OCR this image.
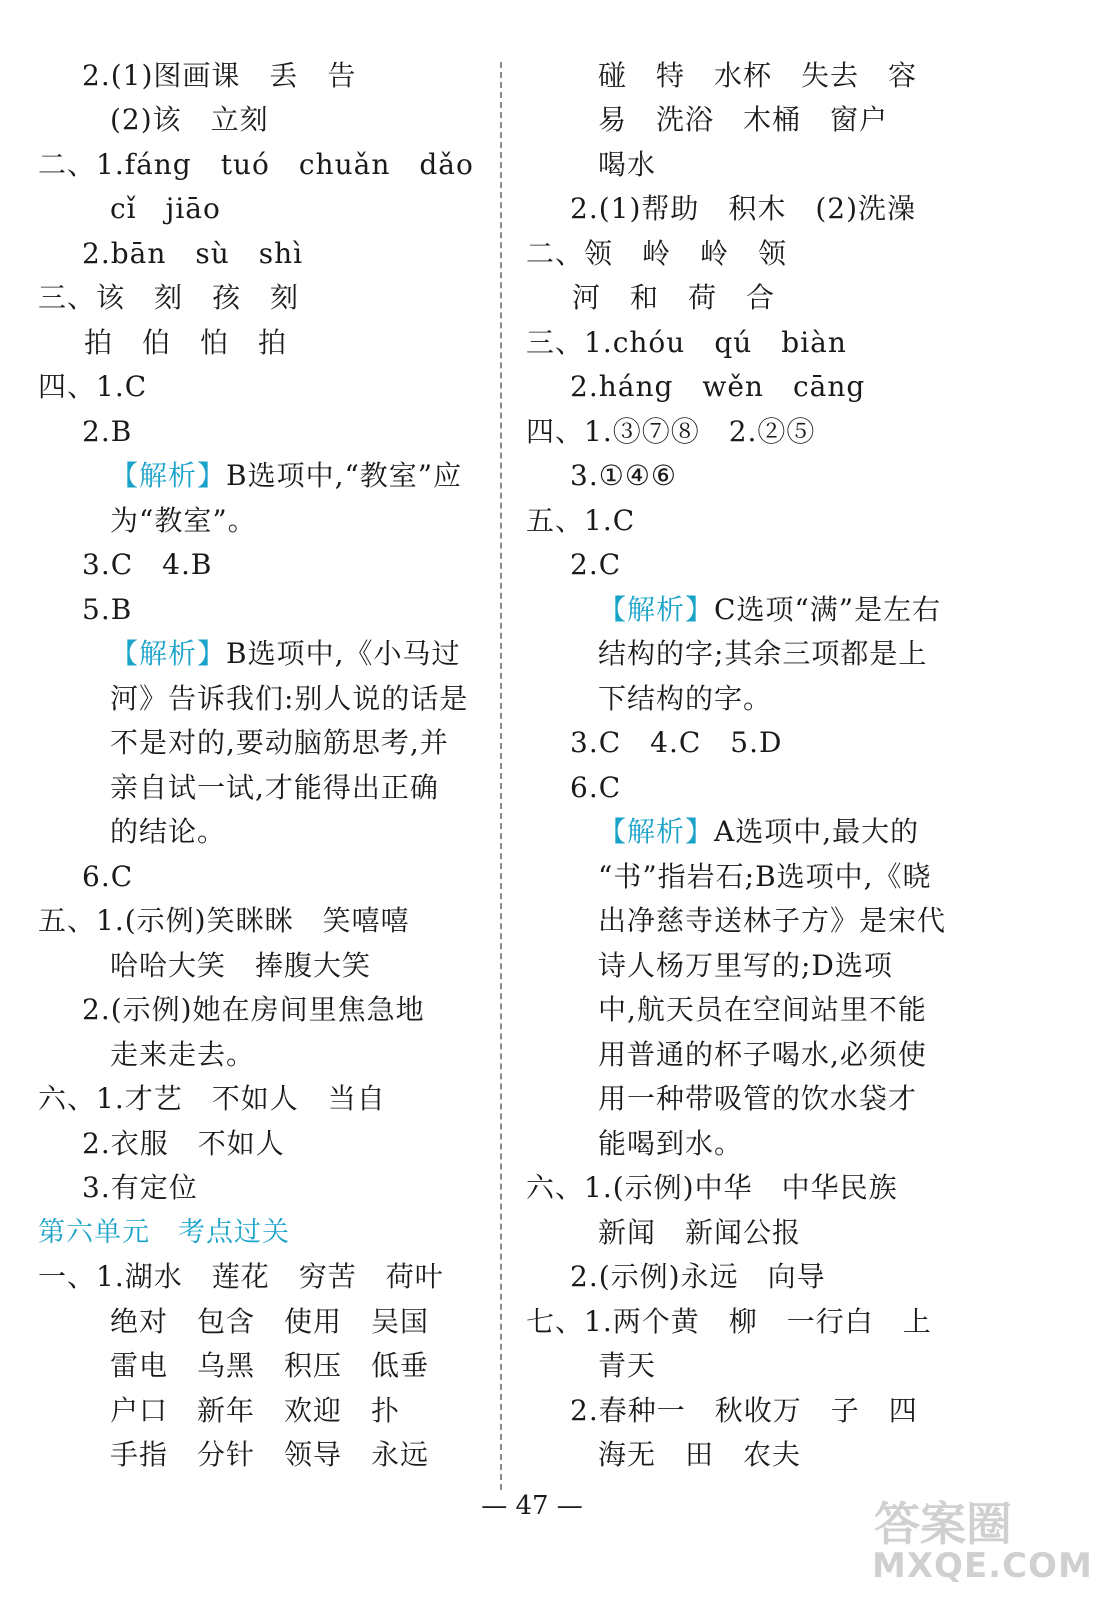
2.(1)图画课　丢　告
(2)该　立刻
二、1.fáng　tuó　chuǎn　dǎo
cǐ　jiāo
2.bān　sù　shì
三、该　刻　孩　刻
拍　伯　怕　拍
四、1.C
2.B
【解析】B选项中,“教室”应
为“教室”。
3.C　4.B
5.B
【解析】B选项中,《小马过
河》告诉我们:别人说的话是
不是对的,要动脑筋思考,并
亲自试一试,才能得出正确
的结论。
6.C
五、1.(示例)笑眯眯　笑嘻嘻
哈哈大笑　捧腹大笑
2.(示例)她在房间里焦急地
走来走去。
六、1.才艺　不如人　当自
2.衣服　不如人
3.有定位
第六单元　考点过关
一、1.湖水　莲花　穷苦　荷叶
绝对　包含　使用　吴国
雷电　乌黑　积压　低垂
户口　新年　欢迎　扑
手指　分针　领导　永远
碰　特　水杯　失去　容
易　洗浴　木桶　窗户
喝水
2.(1)帮助　积木　(2)洗澡
二、领　岭　岭　领
河　和　荷　合
三、1.chóu　qú　biàn
2.háng　wěn　cāng
四、1.③⑦⑧　2.②⑤
3.①④⑥
五、1.C
2.C
【解析】C选项“满”是左右
结构的字;其余三项都是上
下结构的字。
3.C　4.C　5.D
6.C
【解析】A选项中,最大的
“书”指岩石;B选项中,《晓
出净慈寺送林子方》是宋代
诗人杨万里写的;D选项
中,航天员在空间站里不能
用普通的杯子喝水,必须使
用一种带吸管的饮水袋才
能喝到水。
六、1.(示例)中华　中华民族
新闻　新闻公报
2.(示例)永远　向导
七、1.两个黄　柳　一行白　上
青天
2.春种一　秋收万　子　四
海无　田　农夫
— 47 —	答案圈
MXQE.COM
